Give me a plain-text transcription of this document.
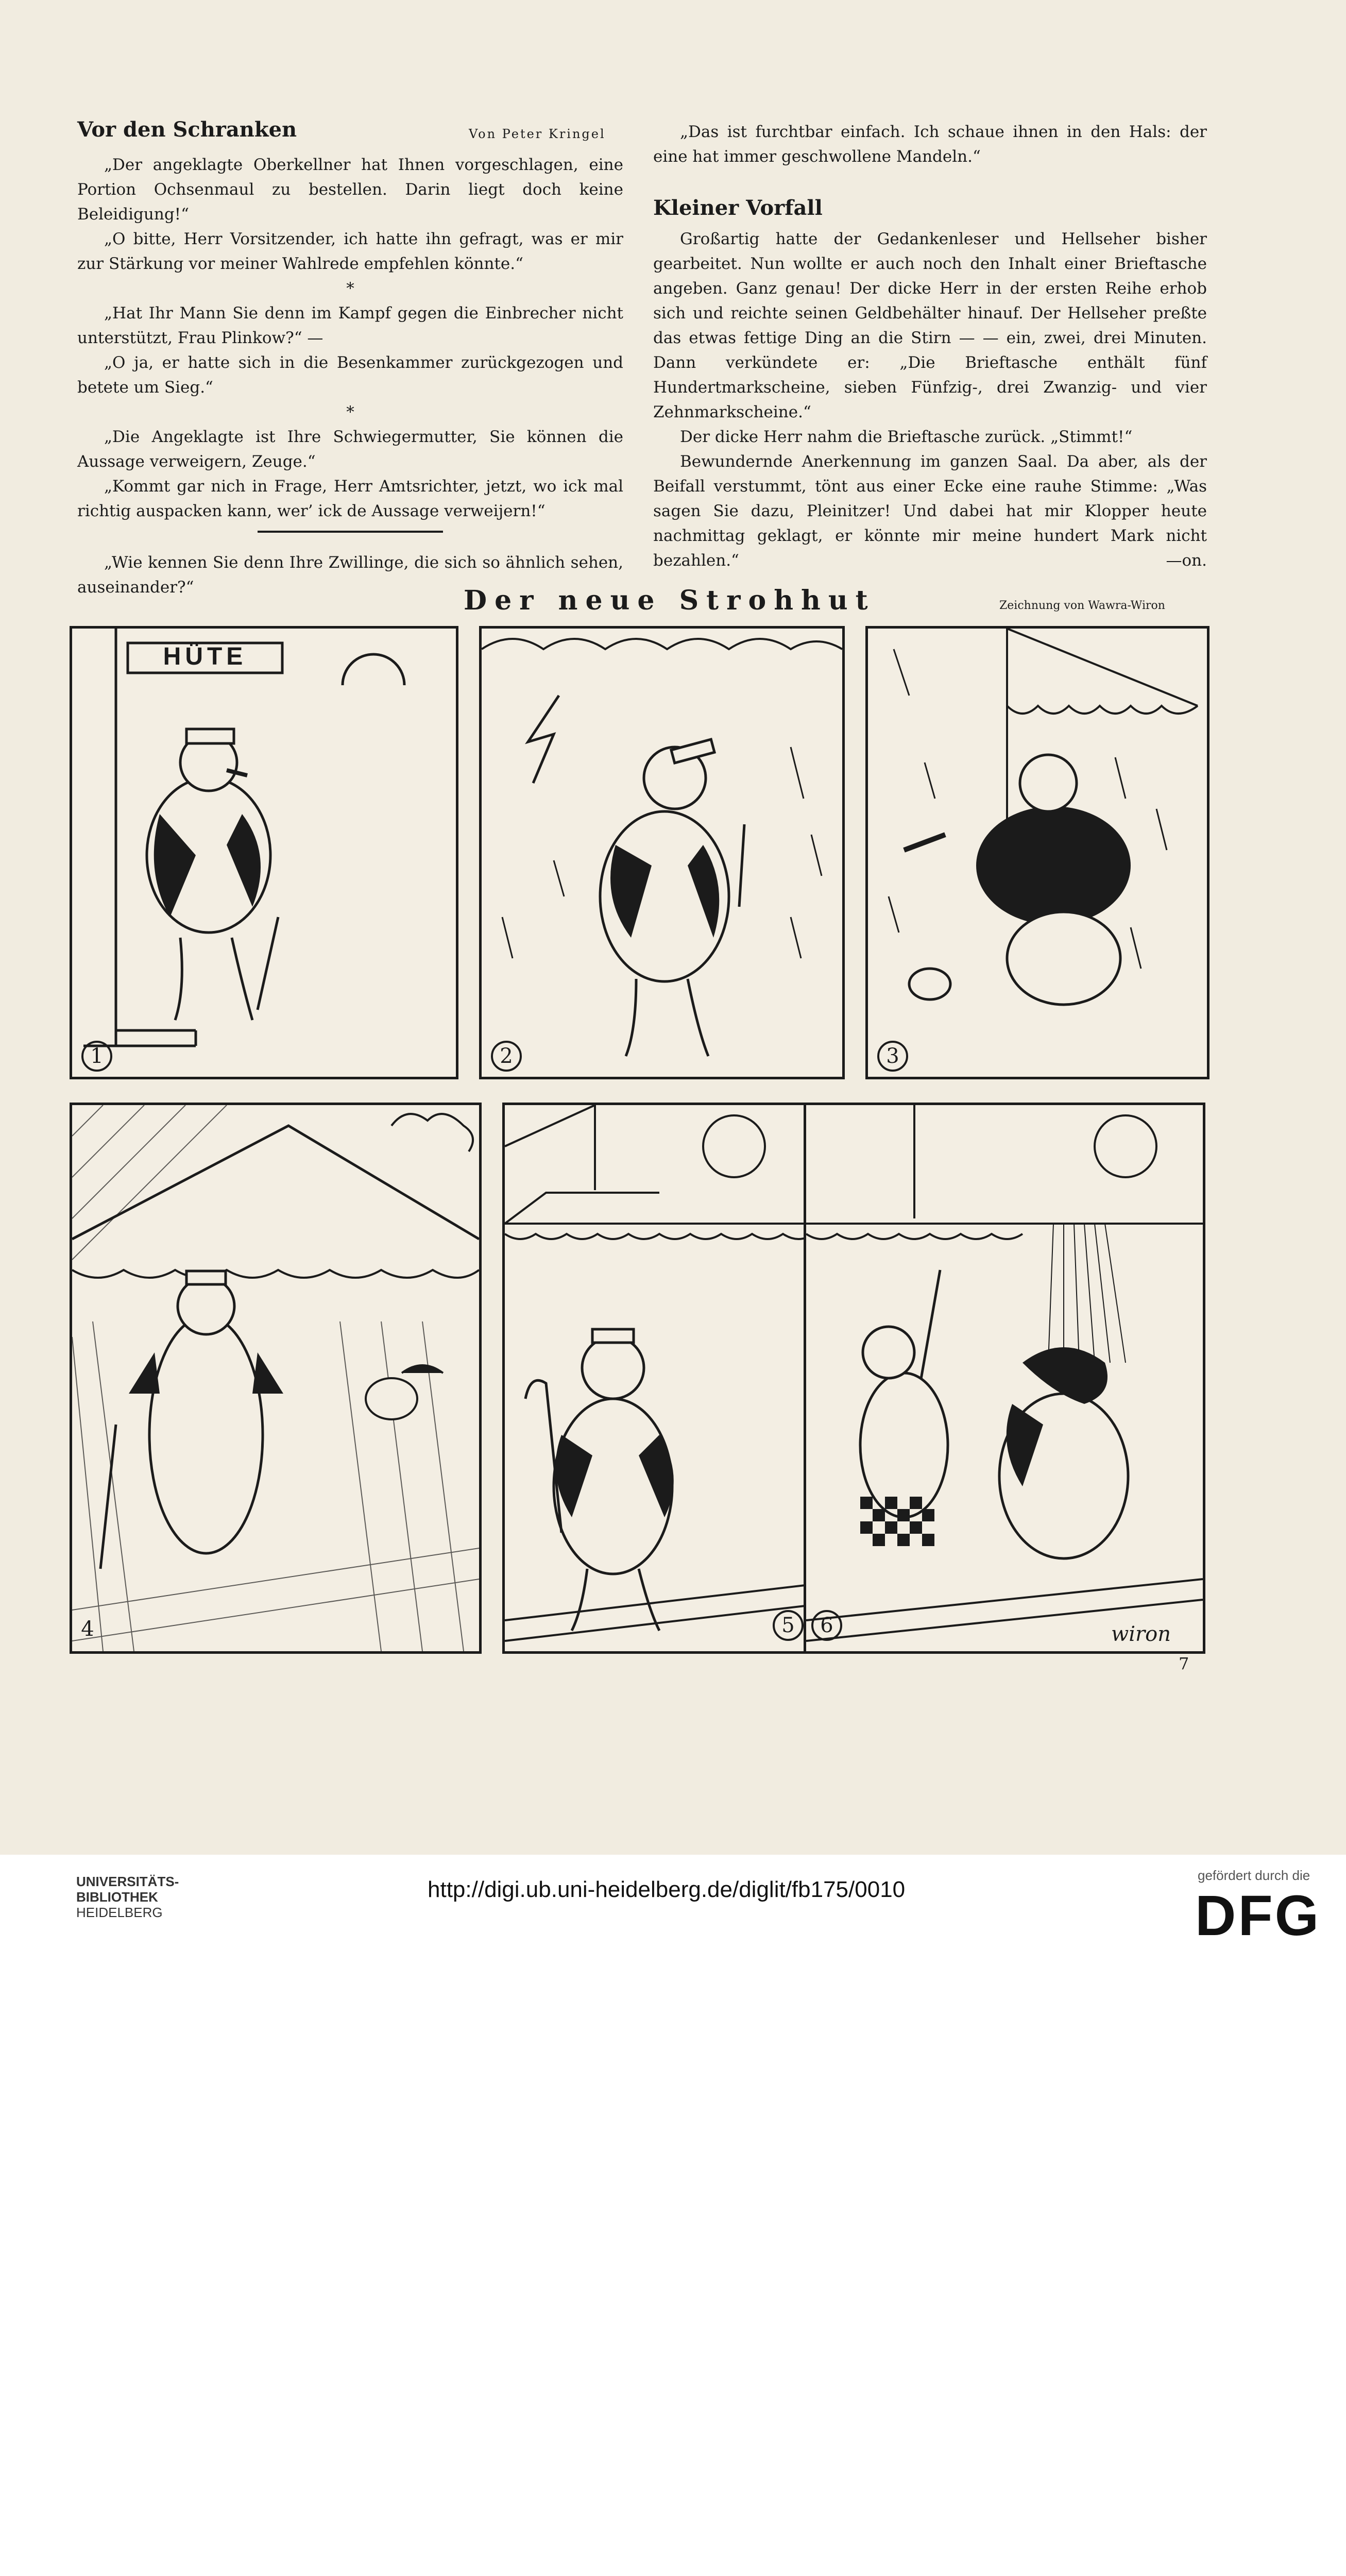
Vor den Schranken	Von Peter Kringel

„Der angeklagte Oberkellner hat Ihnen vorgeschlagen, eine Portion Ochsenmaul zu bestellen. Darin liegt doch keine Beleidigung!“

„O bitte, Herr Vorsitzender, ich hatte ihn gefragt, was er mir zur Stärkung vor meiner Wahlrede empfehlen könnte.“

*

„Hat Ihr Mann Sie denn im Kampf gegen die Einbrecher nicht unterstützt, Frau Plinkow?“ —

„O ja, er hatte sich in die Besenkammer zurückgezogen und betete um Sieg.“

*

„Die Angeklagte ist Ihre Schwiegermutter, Sie können die Aussage verweigern, Zeuge.“

„Kommt gar nich in Frage, Herr Amtsrichter, jetzt, wo ick mal richtig auspacken kann, wer’ ick de Aussage verweijern!“

„Wie kennen Sie denn Ihre Zwillinge, die sich so ähnlich sehen, auseinander?“

„Das ist furchtbar einfach. Ich schaue ihnen in den Hals: der eine hat immer geschwollene Mandeln.“

Kleiner Vorfall

Großartig hatte der Gedankenleser und Hellseher bisher gearbeitet. Nun wollte er auch noch den Inhalt einer Brieftasche angeben. Ganz genau! Der dicke Herr in der ersten Reihe erhob sich und reichte seinen Geldbehälter hinauf. Der Hellseher preßte das etwas fettige Ding an die Stirn — — ein, zwei, drei Minuten. Dann verkündete er: „Die Brieftasche enthält fünf Hundertmarkscheine, sieben Fünfzig-, drei Zwanzig- und vier Zehnmarkscheine.“

Der dicke Herr nahm die Brieftasche zurück. „Stimmt!“

Bewundernde Anerkennung im ganzen Saal. Da aber, als der Beifall verstummt, tönt aus einer Ecke eine rauhe Stimme: „Was sagen Sie dazu, Pleinitzer! Und dabei hat mir Klopper heute nachmittag geklagt, er könnte mir meine hundert Mark nicht bezahlen.“	—on.

Der neue Strohhut	Zeichnung von Wawra-Wiron
HÜTE
1	2	3
4	5 6	wiron
7
UNIVERSITÄTS-
BIBLIOTHEK
HEIDELBERG
http://digi.ub.uni-heidelberg.de/diglit/fb175/0010
gefördert durch die
DFG
